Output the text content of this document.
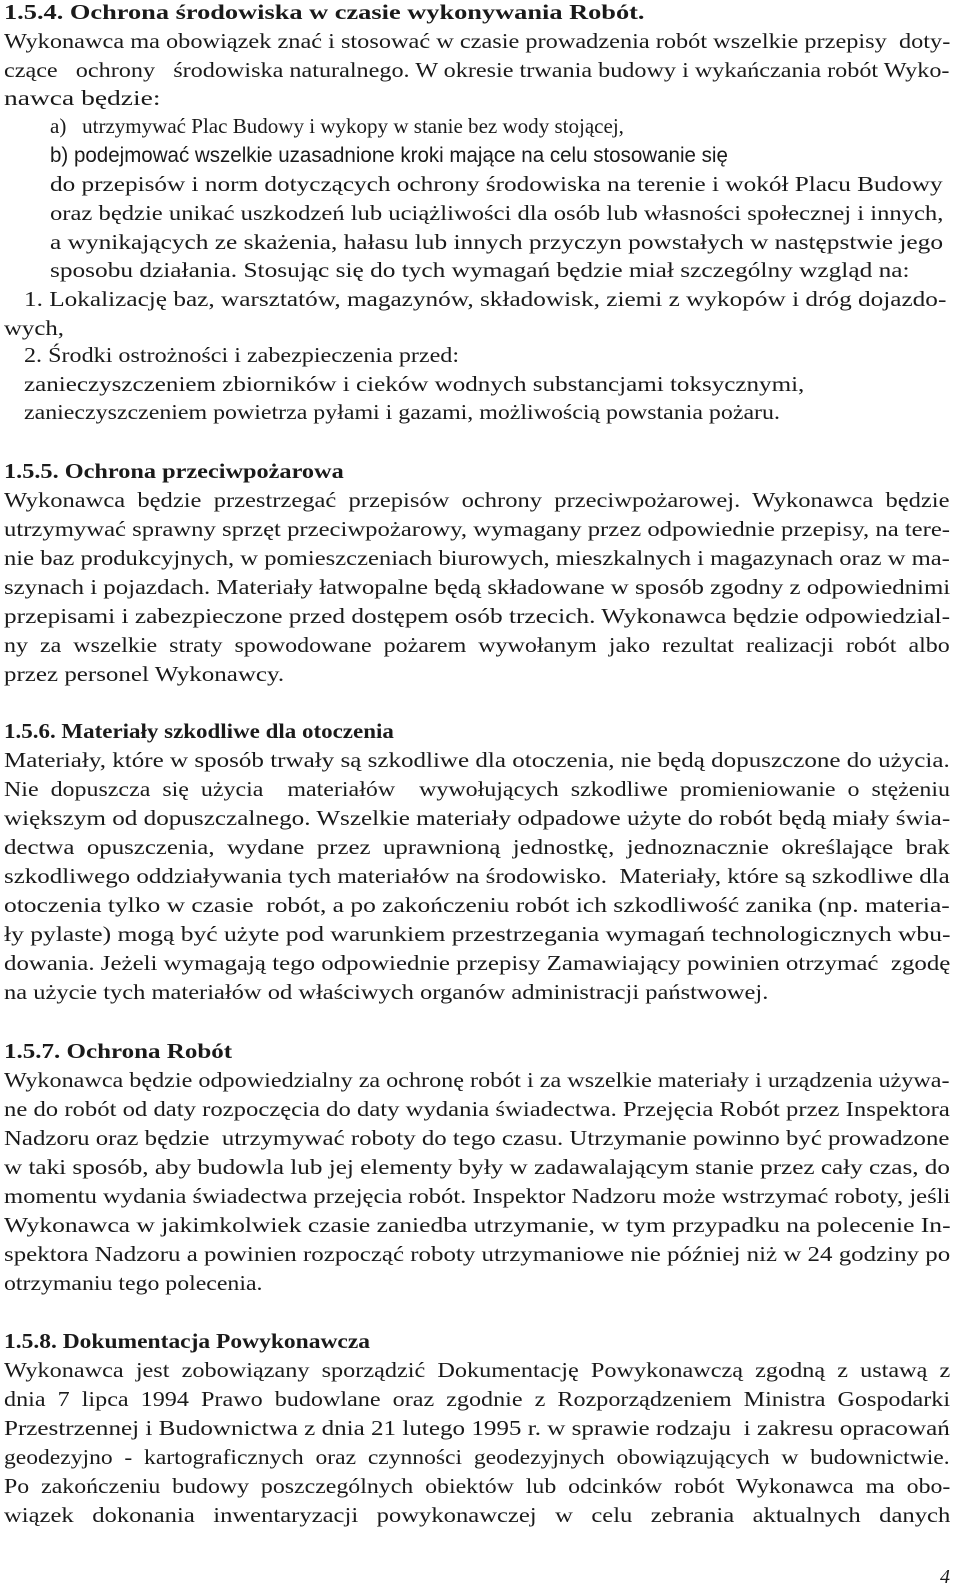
1.5.4. Ochrona środowiska w czasie wykonywania Robót.
Wykonawca ma obowiązek znać i stosować w czasie prowadzenia robót wszelkie przepisy  doty-
czące   ochrony   środowiska naturalnego. W okresie trwania budowy i wykańczania robót Wyko-
nawca będzie:
a)   utrzymywać Plac Budowy i wykopy w stanie bez wody stojącej,
b) podejmować wszelkie uzasadnione kroki mające na celu stosowanie się
do przepisów i norm dotyczących ochrony środowiska na terenie i wokół Placu Budowy
oraz będzie unikać uszkodzeń lub uciążliwości dla osób lub własności społecznej i innych,
a wynikających ze skażenia, hałasu lub innych przyczyn powstałych w następstwie jego
sposobu działania. Stosując się do tych wymagań będzie miał szczególny wzgląd na:
1. Lokalizację baz, warsztatów, magazynów, składowisk, ziemi z wykopów i dróg dojazdo-
wych,
2. Środki ostrożności i zabezpieczenia przed:
zanieczyszczeniem zbiorników i cieków wodnych substancjami toksycznymi,
zanieczyszczeniem powietrza pyłami i gazami, możliwością powstania pożaru.
1.5.5. Ochrona przeciwpożarowa
Wykonawca  będzie  przestrzegać  przepisów  ochrony  przeciwpożarowej.  Wykonawca  będzie
utrzymywać sprawny sprzęt przeciwpożarowy, wymagany przez odpowiednie przepisy, na tere-
nie baz produkcyjnych, w pomieszczeniach biurowych, mieszkalnych i magazynach oraz w ma-
szynach i pojazdach. Materiały łatwopalne będą składowane w sposób zgodny z odpowiednimi
przepisami i zabezpieczone przed dostępem osób trzecich. Wykonawca będzie odpowiedzial-
ny  za  wszelkie  straty  spowodowane  pożarem  wywołanym  jako  rezultat  realizacji  robót  albo
przez personel Wykonawcy.
1.5.6. Materiały szkodliwe dla otoczenia
Materiały, które w sposób trwały są szkodliwe dla otoczenia, nie będą dopuszczone do użycia.
Nie  dopuszcza  się  użycia    materiałów    wywołujących  szkodliwe  promieniowanie  o  stężeniu
większym od dopuszczalnego. Wszelkie materiały odpadowe użyte do robót będą miały świa-
dectwa  opuszczenia,  wydane  przez  uprawnioną  jednostkę,  jednoznacznie  określające  brak
szkodliwego oddziaływania tych materiałów na środowisko.  Materiały, które są szkodliwe dla
otoczenia tylko w czasie  robót, a po zakończeniu robót ich szkodliwość zanika (np. materia-
ły pylaste) mogą być użyte pod warunkiem przestrzegania wymagań technologicznych wbu-
dowania. Jeżeli wymagają tego odpowiednie przepisy Zamawiający powinien otrzymać  zgodę
na użycie tych materiałów od właściwych organów administracji państwowej.
1.5.7. Ochrona Robót
Wykonawca będzie odpowiedzialny za ochronę robót i za wszelkie materiały i urządzenia używa-
ne do robót od daty rozpoczęcia do daty wydania świadectwa. Przejęcia Robót przez Inspektora
Nadzoru oraz będzie  utrzymywać roboty do tego czasu. Utrzymanie powinno być prowadzone
w taki sposób, aby budowla lub jej elementy były w zadawalającym stanie przez cały czas, do
momentu wydania świadectwa przejęcia robót. Inspektor Nadzoru może wstrzymać roboty, jeśli
Wykonawca w jakimkolwiek czasie zaniedba utrzymanie, w tym przypadku na polecenie In-
spektora Nadzoru a powinien rozpocząć roboty utrzymaniowe nie później niż w 24 godziny po
otrzymaniu tego polecenia.
1.5.8. Dokumentacja Powykonawcza
Wykonawca  jest  zobowiązany  sporządzić  Dokumentację  Powykonawczą  zgodną  z  ustawą  z
dnia  7  lipca  1994  Prawo  budowlane  oraz  zgodnie  z  Rozporządzeniem  Ministra  Gospodarki
Przestrzennej i Budownictwa z dnia 21 lutego 1995 r. w sprawie rodzaju  i zakresu opracowań
geodezyjno  -  kartograficznych  oraz  czynności  geodezyjnych  obowiązujących  w  budownictwie.
Po  zakończeniu  budowy  poszczególnych  obiektów  lub  odcinków  robót  Wykonawca  ma  obo-
wiązek   dokonania   inwentaryzacji   powykonawczej   w   celu   zebrania   aktualnych   danych
4
